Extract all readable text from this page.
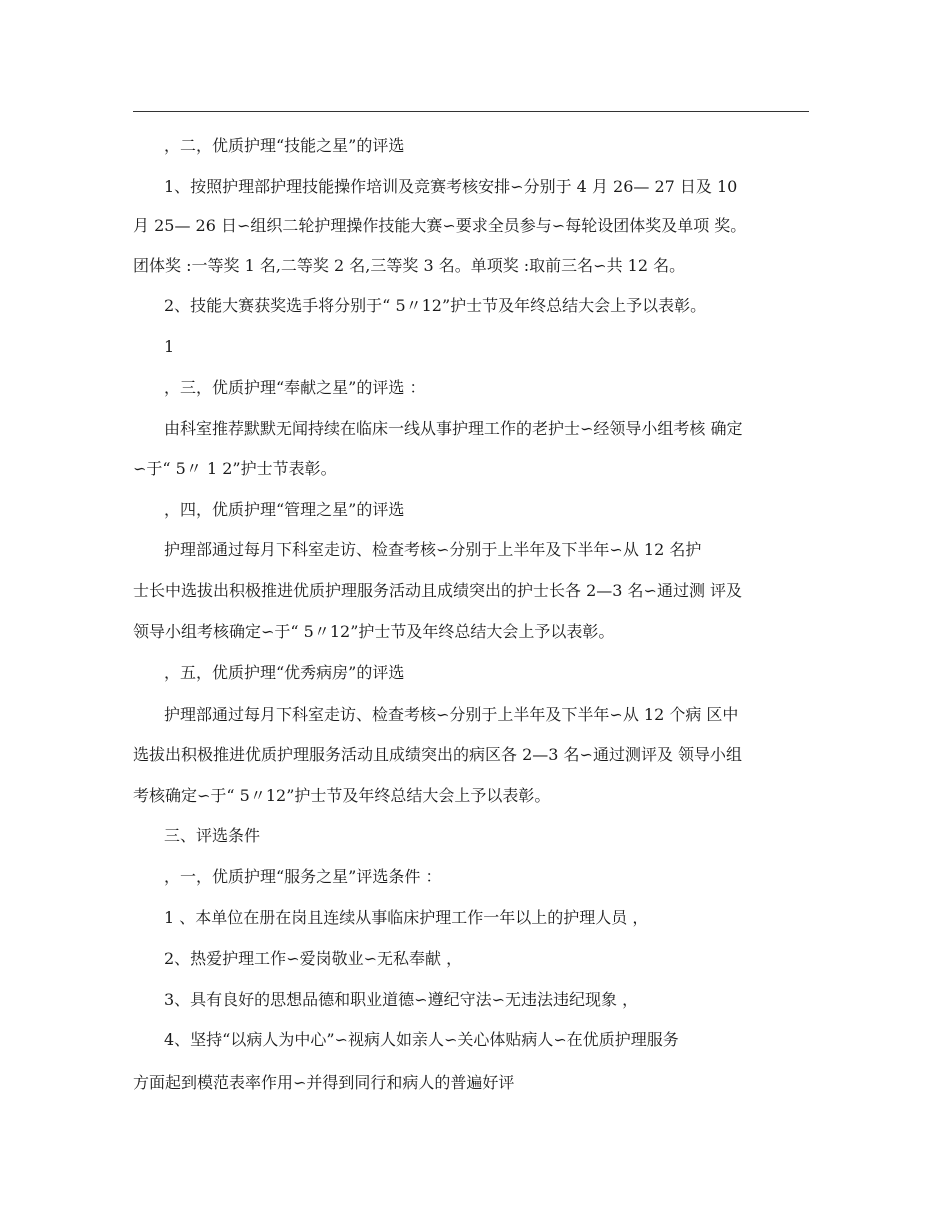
，二，优质护理“技能之星”的评选
1、按照护理部护理技能操作培训及竞赛考核安排∽分别于 4 月 26— 27 日及 10
月 25— 26 日∽组织二轮护理操作技能大赛∽要求全员参与∽每轮设团体奖及单项 奖。
团体奖 :一等奖 1 名,二等奖 2 名,三等奖 3 名。单项奖 :取前三名∽共 12 名。
2、技能大赛获奖选手将分别于“ 5〃12”护士节及年终总结大会上予以表彰。
1
，三，优质护理“奉献之星”的评选 ：
由科室推荐默默无闻持续在临床一线从事护理工作的老护士∽经领导小组考核 确定
∽于“ 5〃 1 2”护士节表彰。
，四，优质护理“管理之星”的评选
护理部通过每月下科室走访、检查考核∽分别于上半年及下半年∽从 12 名护
士长中选拔出积极推进优质护理服务活动且成绩突出的护士长各 2—3 名∽通过测 评及
领导小组考核确定∽于“ 5〃12”护士节及年终总结大会上予以表彰。
，五，优质护理“优秀病房”的评选
护理部通过每月下科室走访、检查考核∽分别于上半年及下半年∽从 12 个病 区中
选拔出积极推进优质护理服务活动且成绩突出的病区各 2—3 名∽通过测评及 领导小组
考核确定∽于“ 5〃12”护士节及年终总结大会上予以表彰。
三、评选条件
，一，优质护理“服务之星”评选条件 ：
1 、本单位在册在岗且连续从事临床护理工作一年以上的护理人员 ，
2、热爱护理工作∽爱岗敬业∽无私奉献 ，
3、具有良好的思想品德和职业道德∽遵纪守法∽无违法违纪现象 ，
4、坚持“以病人为中心”∽视病人如亲人∽关心体贴病人∽在优质护理服务
方面起到模范表率作用∽并得到同行和病人的普遍好评
